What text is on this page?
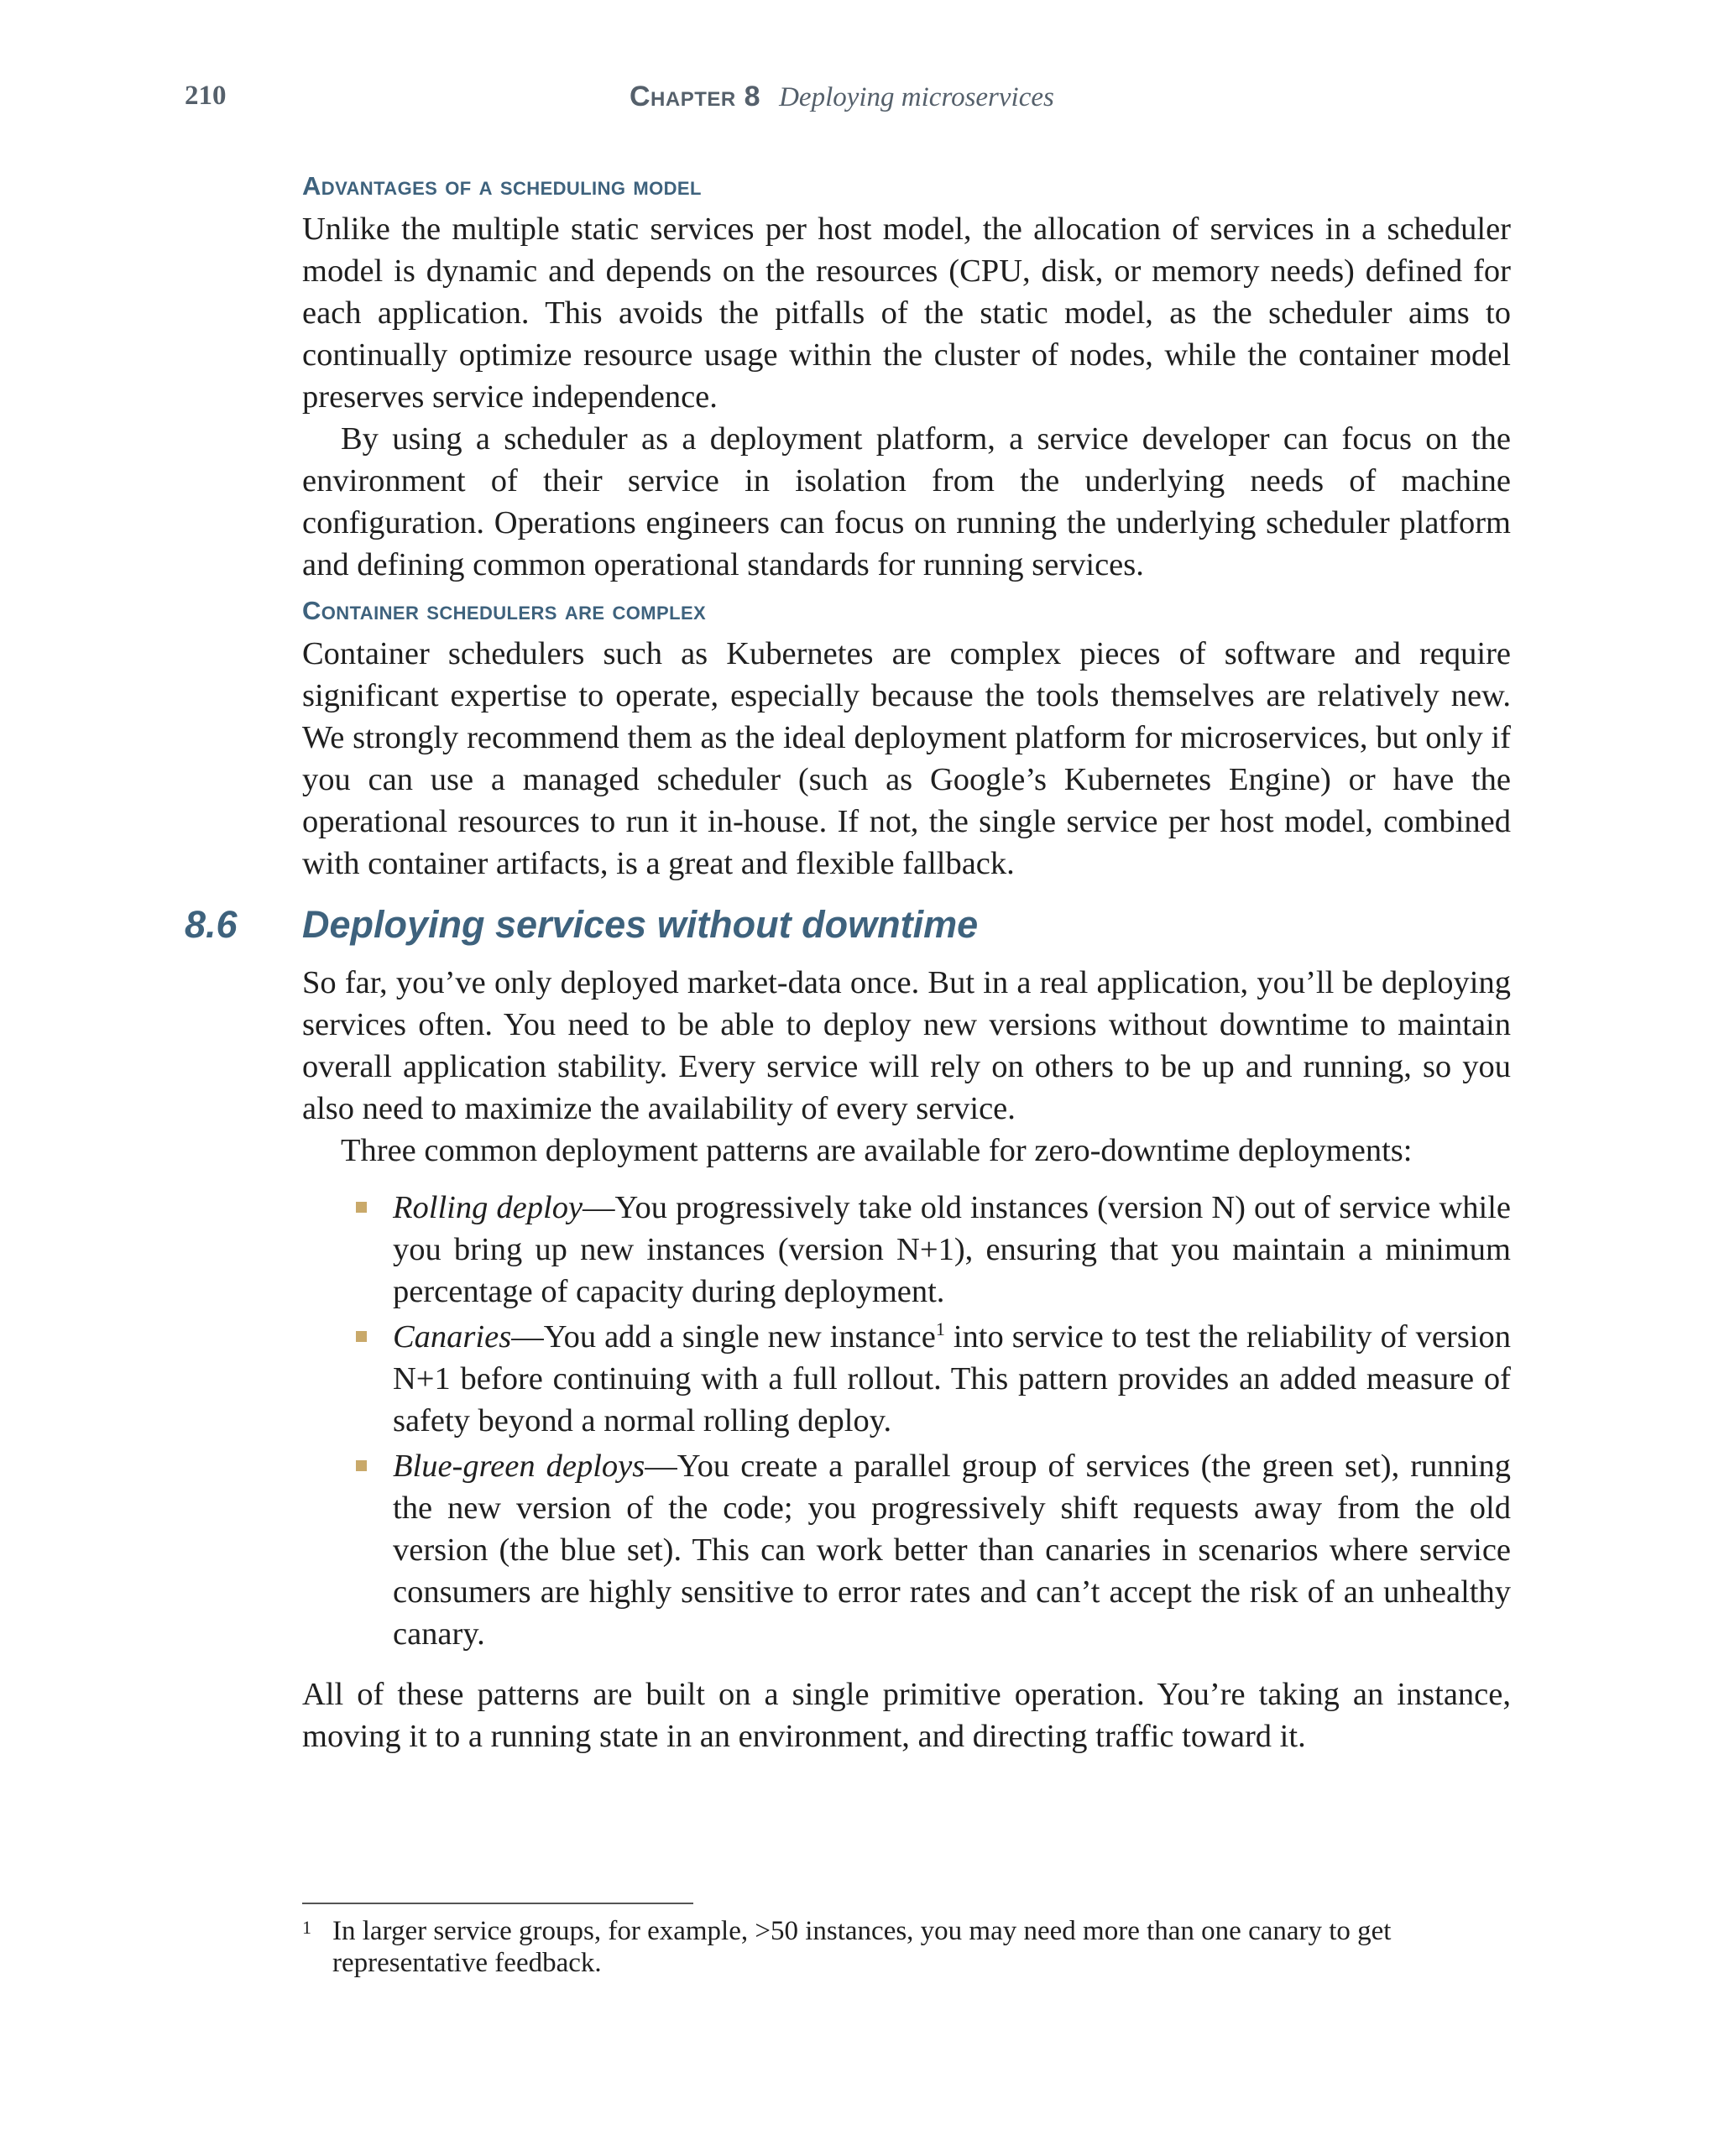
210	Chapter 8 Deploying microservices
Advantages of a scheduling model

Unlike the multiple static services per host model, the allocation of services in a scheduler model is dynamic and depends on the resources (CPU, disk, or memory needs) defined for each application. This avoids the pitfalls of the static model, as the scheduler aims to continually optimize resource usage within the cluster of nodes, while the container model preserves service independence.

By using a scheduler as a deployment platform, a service developer can focus on the environment of their service in isolation from the underlying needs of machine configuration. Operations engineers can focus on running the underlying scheduler platform and defining common operational standards for running services.

Container schedulers are complex

Container schedulers such as Kubernetes are complex pieces of software and require significant expertise to operate, especially because the tools themselves are relatively new. We strongly recommend them as the ideal deployment platform for microservices, but only if you can use a managed scheduler (such as Google’s Kubernetes Engine) or have the operational resources to run it in-house. If not, the single service per host model, combined with container artifacts, is a great and flexible fallback.

8.6 Deploying services without downtime

So far, you’ve only deployed market-data once. But in a real application, you’ll be deploying services often. You need to be able to deploy new versions without downtime to maintain overall application stability. Every service will rely on others to be up and running, so you also need to maximize the availability of every service.

Three common deployment patterns are available for zero-downtime deployments:

Rolling deploy—You progressively take old instances (version N) out of service while you bring up new instances (version N+1), ensuring that you maintain a minimum percentage of capacity during deployment.

Canaries—You add a single new instance$^1$ into service to test the reliability of version N+1 before continuing with a full rollout. This pattern provides an added measure of safety beyond a normal rolling deploy.

Blue-green deploys—You create a parallel group of services (the green set), running the new version of the code; you progressively shift requests away from the old version (the blue set). This can work better than canaries in scenarios where service consumers are highly sensitive to error rates and can’t accept the risk of an unhealthy canary.

All of these patterns are built on a single primitive operation. You’re taking an instance, moving it to a running state in an environment, and directing traffic toward it.

1 In larger service groups, for example, >50 instances, you may need more than one canary to get representative feedback.
